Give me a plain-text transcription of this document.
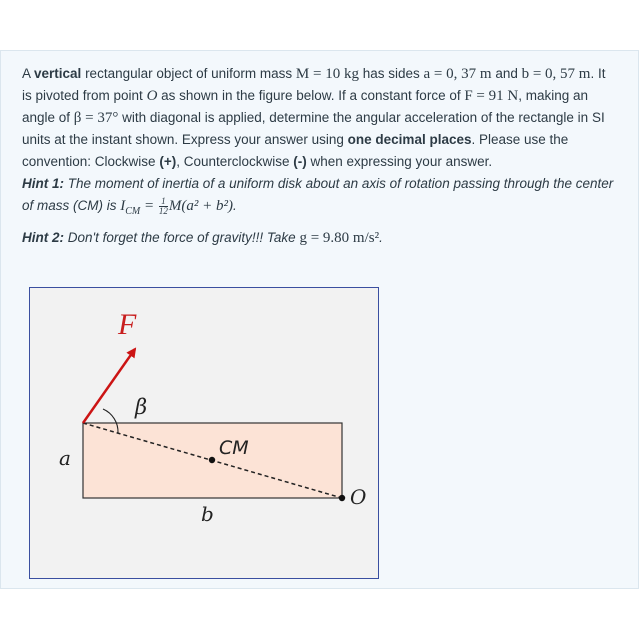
A vertical rectangular object of uniform mass M = 10 kg has sides a = 0, 37 m and b = 0, 57 m. It is pivoted from point O as shown in the figure below. If a constant force of F = 91 N, making an angle of β = 37° with diagonal is applied, determine the angular acceleration of the rectangle in SI units at the instant shown. Express your answer using one decimal places. Please use the convention: Clockwise (+), Counterclockwise (-) when expressing your answer.

Hint 1: The moment of inertia of a uniform disk about an axis of rotation passing through the center of mass (CM) is $I_{CM} = \frac{1}{12} M(a^2 + b^2)$.

Hint 2: Don't forget the force of gravity!!! Take g = 9.80 m/s².

F
β
CM
a
b
O
